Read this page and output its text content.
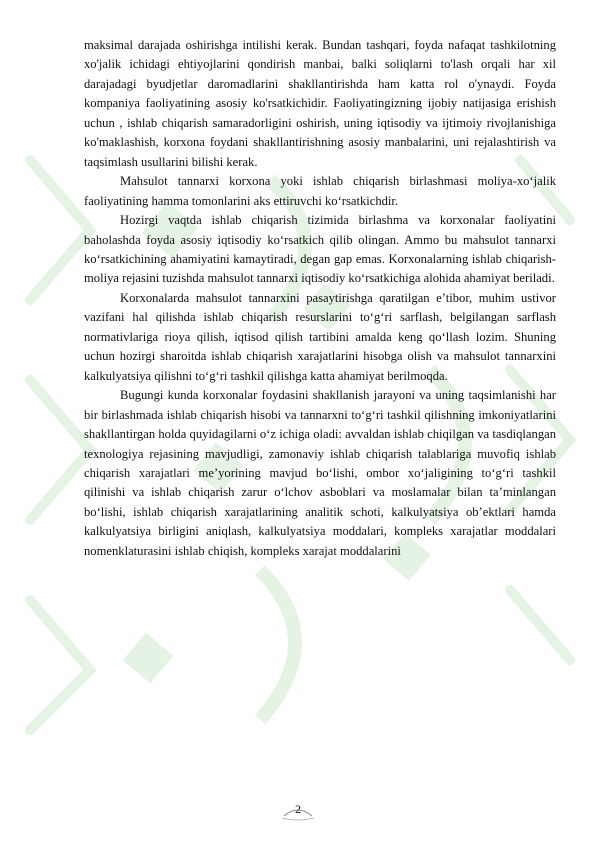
maksimal darajada oshirishga intilishi kerak. Bundan tashqari, foyda nafaqat tashkilotning xo'jalik ichidagi ehtiyojlarini qondirish manbai, balki soliqlarni to'lash orqali har xil darajadagi byudjetlar daromadlarini shakllantirishda ham katta rol o'ynaydi. Foyda kompaniya faoliyatining asosiy ko'rsatkichidir. Faoliyatingizning ijobiy natijasiga erishish uchun , ishlab chiqarish samaradorligini oshirish, uning iqtisodiy va ijtimoiy rivojlanishiga ko'maklashish, korxona foydani shakllantirishning asosiy manbalarini, uni rejalashtirish va taqsimlash usullarini bilishi kerak.

Mahsulot tannarxi korxona yoki ishlab chiqarish birlashmasi moliya-xo‘jalik faoliyatining hamma tomonlarini aks ettiruvchi ko‘rsatkichdir.

Hozirgi vaqtda ishlab chiqarish tizimida birlashma va korxonalar faoliyatini baholashda foyda asosiy iqtisodiy ko‘rsatkich qilib olingan. Ammo bu mahsulot tannarxi ko‘rsatkichining ahamiyatini kamaytiradi, degan gap emas. Korxonalarning ishlab chiqarish-moliya rejasini tuzishda mahsulot tannarxi iqtisodiy ko‘rsatkichiga alohida ahamiyat beriladi.

Korxonalarda mahsulot tannarxini pasaytirishga qaratilgan e’tibor, muhim ustivor vazifani hal qilishda ishlab chiqarish resurslarini to‘g‘ri sarflash, belgilangan sarflash normativlariga rioya qilish, iqtisod qilish tartibini amalda keng qo‘llash lozim. Shuning uchun hozirgi sharoitda ishlab chiqarish xarajatlarini hisobga olish va mahsulot tannarxini kalkulyatsiya qilishni to‘g‘ri tashkil qilishga katta ahamiyat berilmoqda.

Bugungi kunda korxonalar foydasini shakllanish jarayoni va uning taqsimlanishi har bir birlashmada ishlab chiqarish hisobi va tannarxni to‘g‘ri tashkil qilishning imkoniyatlarini shakllantirgan holda quyidagilarni o‘z ichiga oladi: avvaldan ishlab chiqilgan va tasdiqlangan texnologiya rejasining mavjudligi, zamonaviy ishlab chiqarish talablariga muvofiq ishlab chiqarish xarajatlari me’yorining mavjud bo‘lishi, ombor xo‘jaligining to‘g‘ri tashkil qilinishi va ishlab chiqarish zarur o‘lchov asboblari va moslamalar bilan ta’minlangan bo‘lishi, ishlab chiqarish xarajatlarining analitik schoti, kalkulyatsiya ob’ektlari hamda kalkulyatsiya birligini aniqlash, kalkulyatsiya moddalari, kompleks xarajatlar moddalari nomenklaturasini ishlab chiqish, kompleks xarajat moddalarini

2
